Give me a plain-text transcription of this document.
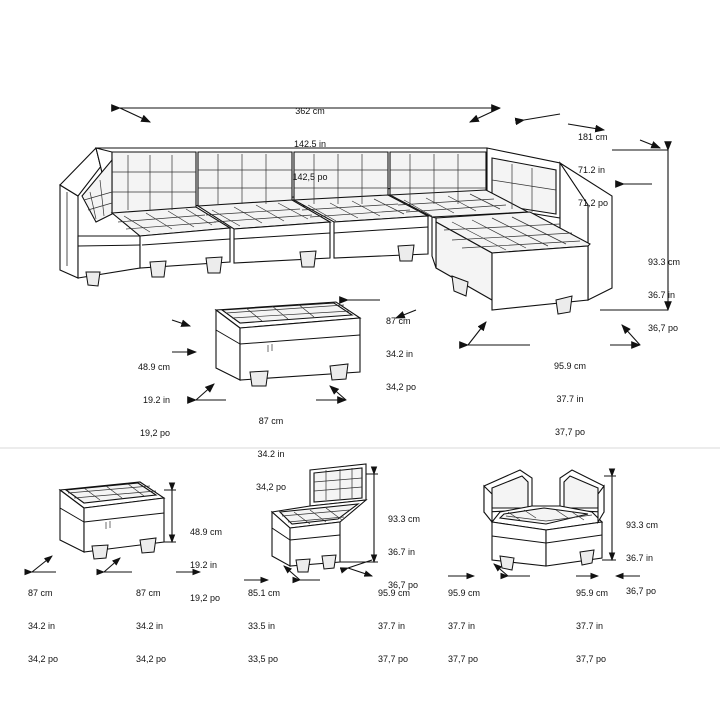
362 cm

142.5 in

142,5 po

181 cm

71.2 in

71,2 po

93.3 cm

36.7 in

36,7 po

95.9 cm

37.7 in

37,7 po

87 cm

34.2 in

34,2 po

48.9 cm

19.2 in

19,2 po

87 cm

34.2 in

34,2 po

48.9 cm

19.2 in

19,2 po

87 cm

34.2 in

34,2 po

87 cm

34.2 in

34,2 po

93.3 cm

36.7 in

36,7 po

95.9 cm

37.7 in

37,7 po

85.1 cm

33.5 in

33,5 po

93.3 cm

36.7 in

36,7 po

95.9 cm

37.7 in

37,7 po

95.9 cm

37.7 in

37,7 po
